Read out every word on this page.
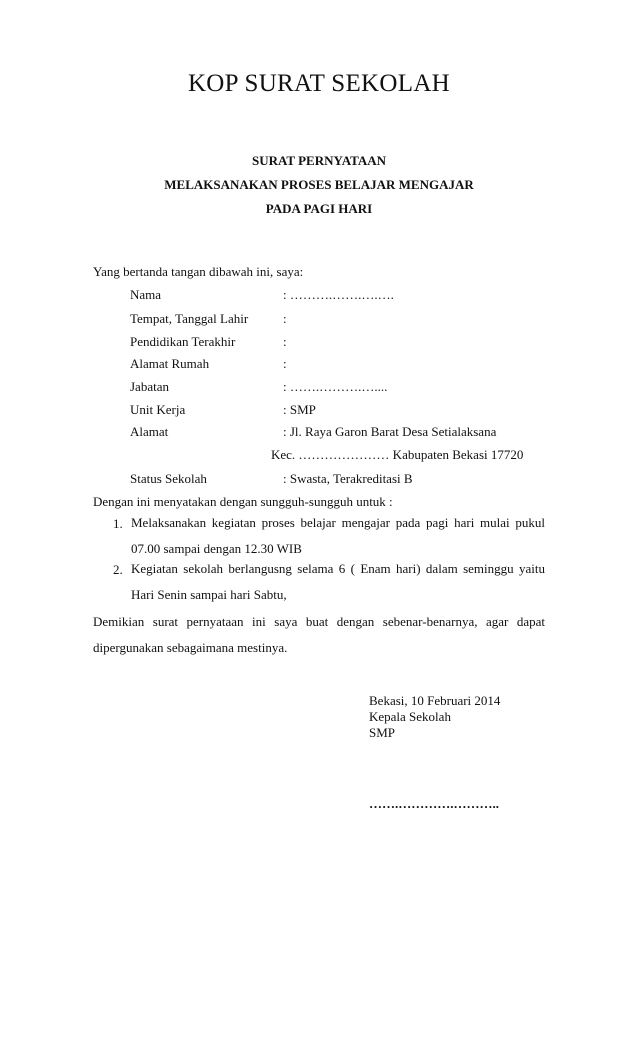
KOP SURAT SEKOLAH
SURAT PERNYATAAN
MELAKSANAKAN PROSES BELAJAR MENGAJAR
PADA PAGI HARI
Yang bertanda tangan dibawah ini, saya:
Nama	: ……….…….….….
Tempat, Tanggal Lahir	:
Pendidikan Terakhir	:
Alamat Rumah	:
Jabatan	: …….……….…....
Unit Kerja	: SMP
Alamat	: Jl. Raya Garon Barat Desa Setialaksana
Kec. ………………… Kabupaten Bekasi 17720
Status Sekolah	: Swasta, Terakreditasi B
Dengan ini menyatakan dengan sungguh-sungguh untuk :
1. Melaksanakan kegiatan proses belajar mengajar pada pagi hari mulai pukul 07.00 sampai dengan 12.30 WIB
2. Kegiatan sekolah berlangusng selama 6 ( Enam hari) dalam seminggu yaitu Hari Senin sampai hari Sabtu,
Demikian surat pernyataan ini saya buat dengan sebenar-benarnya, agar dapat dipergunakan sebagaimana mestinya.
Bekasi, 10 Februari 2014
Kepala Sekolah
SMP
…….………….………..
